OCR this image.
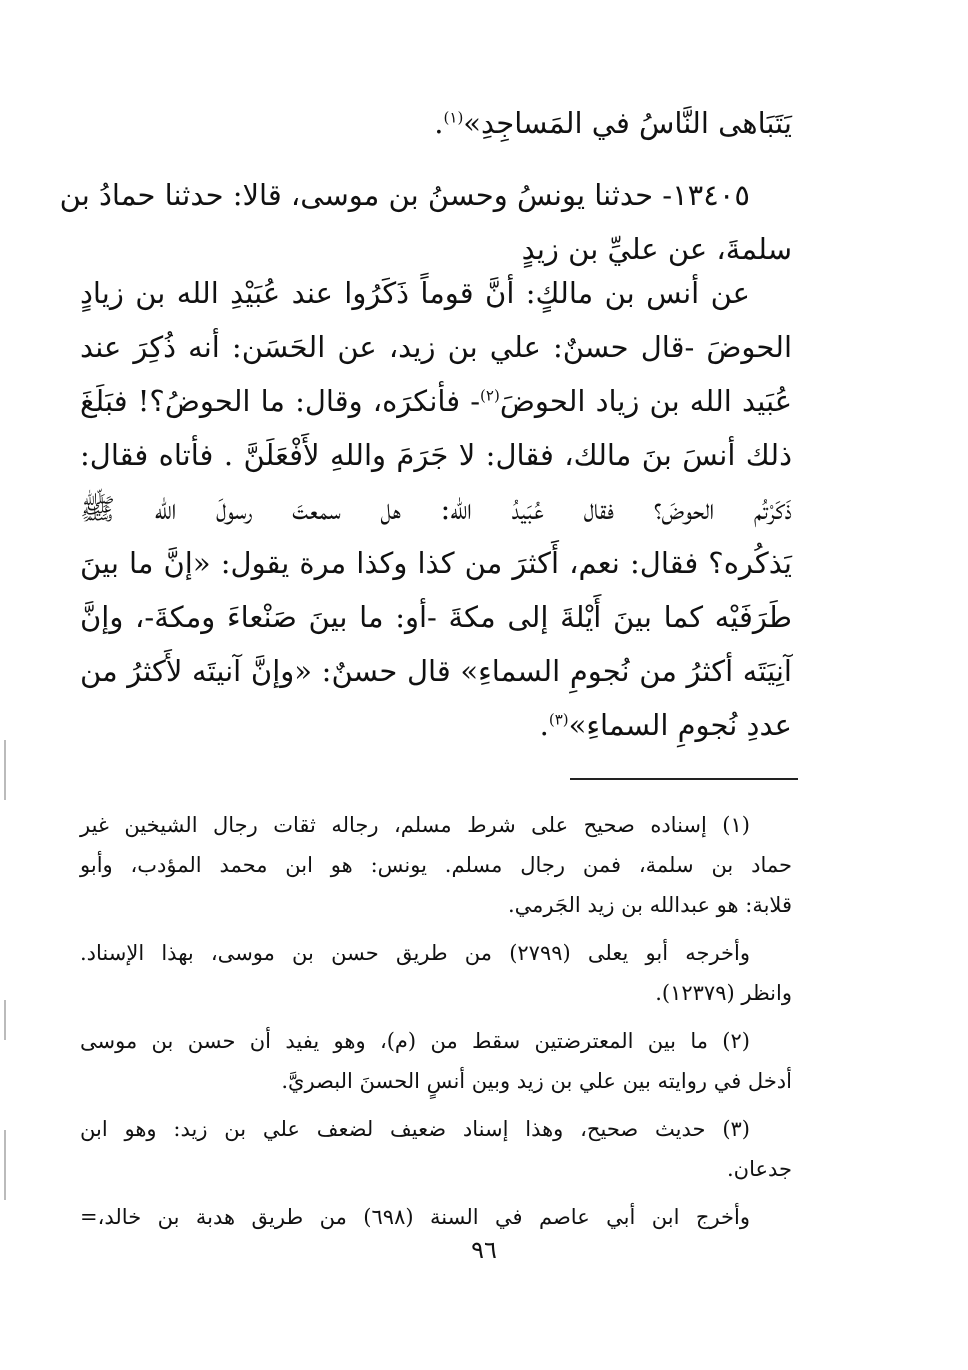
يَتَبَاهى النَّاسُ في المَساجِدِ»$^{(١)}$.
١٣٤٠٥- حدثنا يونسُ وحسنُ بن موسى، قالا: حدثنا حمادُ بن
سلمةَ، عن عليِّ بن زيدٍ
عن أنس بن مالكٍ: أنَّ قوماً ذَكَرُوا عند عُبَيْدِ الله بن زيادٍ
الحوضَ -قال حسنٌ: علي بن زيد، عن الحَسَن: أنه ذُكِرَ عند
عُبَيد الله بن زياد الحوضَ$^{(٢)}$- فأنكرَه، وقال: ما الحوضُ؟! فبَلَغَ
ذلك أنسَ بنَ مالك، فقال: لا جَرَمَ واللهِ لأَفْعَلَنَّ . فأتاه فقال:
ذَكَرْتُم الحوضَ؟ فقال عُبَيدُ الله: هل سمعتَ رسولَ الله ﷺ
يَذكُره؟ فقال: نعم، أَكثرَ من كذا وكذا مرة يقول: «إنَّ ما بينَ
طَرَفَيْه كما بينَ أَيْلةَ إلى مكةَ -أو: ما بينَ صَنْعاءَ ومكةَ-، وإنَّ
آنِيَتَه أكثرُ من نُجومِ السماءِ» قال حسنٌ: «وإنَّ آنيتَه لأَكثرُ من
عددِ نُجومِ السماءِ»$^{(٣)}$.
(١) إسناده صحيح على شرط مسلم، رجاله ثقات رجال الشيخين غير
حماد بن سلمة، فمن رجال مسلم. يونس: هو ابن محمد المؤدب، وأبو
قلابة: هو عبدالله بن زيد الجَرمي.
وأخرجه أبو يعلى (٢٧٩٩) من طريق حسن بن موسى، بهذا الإسناد.
وانظر (١٢٣٧٩).
(٢) ما بين المعترضتين سقط من (م)، وهو يفيد أن حسن بن موسى
أدخل في روايته بين علي بن زيد وبين أنسٍ الحسنَ البصريَّ.
(٣) حديث صحيح، وهذا إسناد ضعيف لضعف علي بن زيد: وهو ابن
جدعان.
وأخرج ابن أبي عاصم في السنة (٦٩٨) من طريق هدبة بن خالد،=
٩٦
